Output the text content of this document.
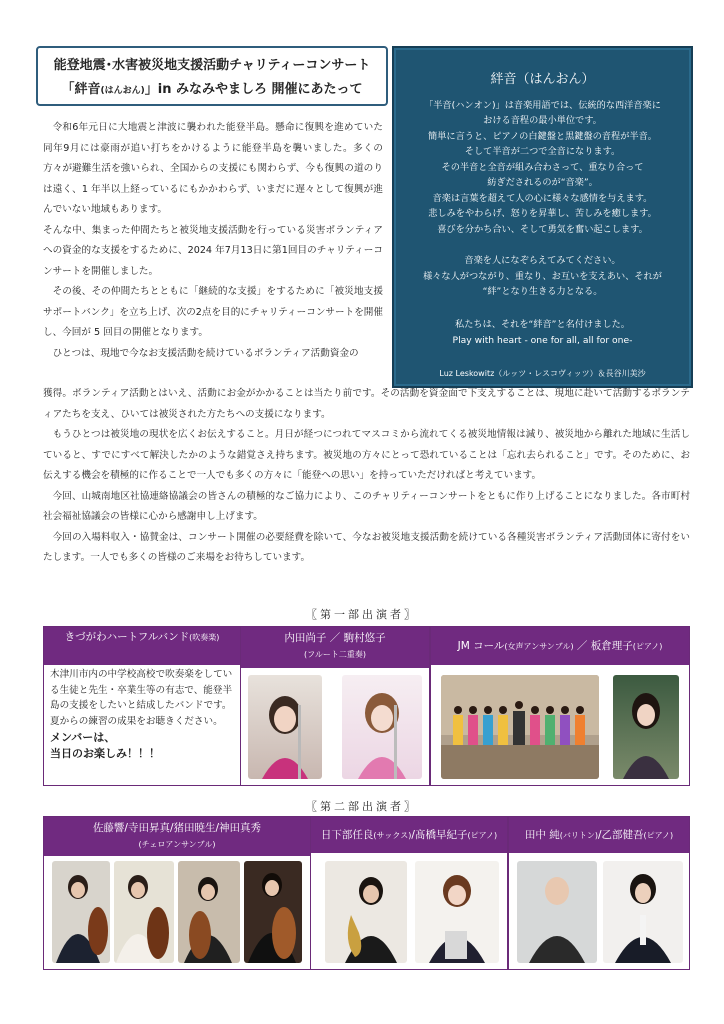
能登地震･水害被災地支援活動チャリティーコンサート
「絆音(はんおん)」in みなみやましろ 開催にあたって
令和6年元日に大地震と津波に襲われた能登半島。懸命に復興を進めていた同年9月には豪雨が追い打ちをかけるように能登半島を襲いました。多くの方々が避難生活を強いられ、全国からの支援にも関わらず、今も復興の道のりは遠く、1 年半以上経っているにもかかわらず、いまだに遅々として復興が進んでいない地域もあります。
そんな中、集まった仲間たちと被災地支援活動を行っている災害ボランティアへの資金的な支援をするために、2024 年7月13日に第1回目のチャリティーコンサートを開催しました。
その後、その仲間たちとともに「継続的な支援」をするために「被災地支援サポートバンク」を立ち上げ、次の2点を目的にチャリティーコンサートを開催し、今回が 5 回目の開催となります。
ひとつは、現地で今なお支援活動を続けているボランティア活動資金の
絆音（はんおん）
「半音(ハンオン)」は音楽用語では、伝統的な西洋音楽に
おける音程の最小単位です。
簡単に言うと、ピアノの白鍵盤と黒鍵盤の音程が半音。
そして半音が二つで全音になります。
その半音と全音が組み合わさって、重なり合って
紡ぎだされるのが“音楽”。
音楽は言葉を超えて人の心に様々な感情を与えます。
悲しみをやわらげ、怒りを昇華し、苦しみを癒します。
喜びを分かち合い、そして勇気を奮い起こします。
音楽を人になぞらえてみてください。
様々な人がつながり、重なり、お互いを支えあい、それが
“絆”となり生きる力となる。
私たちは、それを“絆音”と名付けました。
Play with heart - one for all, all for one-
Luz Leskowitz（ルッツ・レスコヴィッツ）＆長谷川美沙
獲得。ボランティア活動とはいえ、活動にお金がかかることは当たり前です。その活動を資金面で下支えすることは、現地に赴いて活動するボランティアたちを支え、ひいては被災された方たちへの支援になります。
もうひとつは被災地の現状を広くお伝えすること。月日が経つにつれてマスコミから流れてくる被災地情報は減り、被災地から離れた地域に生活していると、すでにすべて解決したかのような錯覚さえ持ちます。被災地の方々にとって恐れていることは「忘れ去られること」です。そのために、お伝えする機会を積極的に作ることで一人でも多くの方々に「能登への思い」を持っていただければと考えています。
今回、山城南地区社協連絡協議会の皆さんの積極的なご協力により、このチャリティーコンサートをともに作り上げることになりました。各市町村社会福祉協議会の皆様に心から感謝申し上げます。
今回の入場料収入・協賛金は、コンサート開催の必要経費を除いて、今なお被災地支援活動を続けている各種災害ボランティア活動団体に寄付をいたします。一人でも多くの皆様のご来場をお待ちしています。
〖第一部出演者〗
きづがわハートフルバンド(吹奏楽)
木津川市内の中学校高校で吹奏楽をしている生徒と先生・卒業生等の有志で、能登半島の支援をしたいと結成したバンドです。夏からの練習の成果をお聴きください。
メンバーは、
当日のお楽しみ！！！
内田尚子 ／ 駒村悠子
(フルート二重奏)
JM コール(女声アンサンブル) ／ 板倉理子(ピアノ)
〖第二部出演者〗
佐藤響/寺田昇真/猪田暁生/神田真秀
(チェロアンサンブル)
日下部任良(サックス)/髙橋早紀子(ピアノ)	田中 純(バリトン)/乙部健吾(ピアノ)
